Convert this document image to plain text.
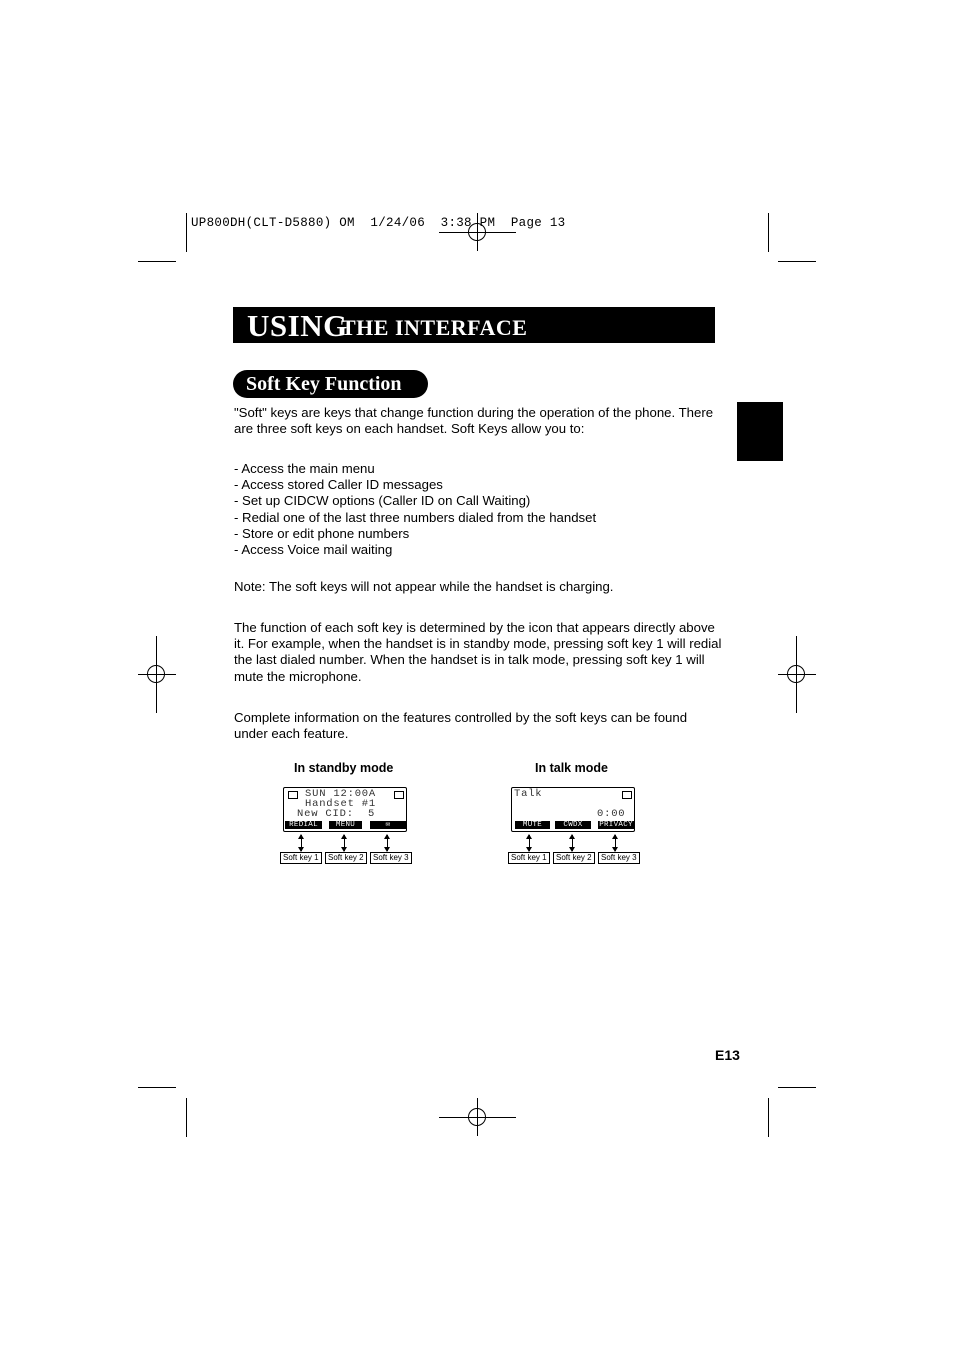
UP800DH(CLT-D5880) OM  1/24/06  3:38 PM  Page 13
USING
THE INTERFACE
Soft Key Function

"Soft" keys are keys that change function during the operation of the phone. There are three soft keys on each handset. Soft Keys allow you to:

- Access the main menu
- Access stored Caller ID messages
- Set up CIDCW options (Caller ID on Call Waiting)
- Redial one of the last three numbers dialed from the handset
- Store or edit phone numbers
- Access Voice mail waiting

Note: The soft keys will not appear while the handset is charging.

The function of each soft key is determined by the icon that appears directly above it. For example, when the handset is in standby mode, pressing soft key 1 will redial the last dialed number. When the handset is in talk mode, pressing soft key 1 will mute the microphone.

Complete information on the features controlled by the soft keys can be found under each feature.

In standby mode
SUN 12:00A
Handset #1
New CID:  5
REDIAL	MENU	✉
Soft key 1	Soft key 2	Soft key 3
In talk mode
Talk
0:00
MUTE	CWDX	PRIVACY
Soft key 1	Soft key 2	Soft key 3
E13
